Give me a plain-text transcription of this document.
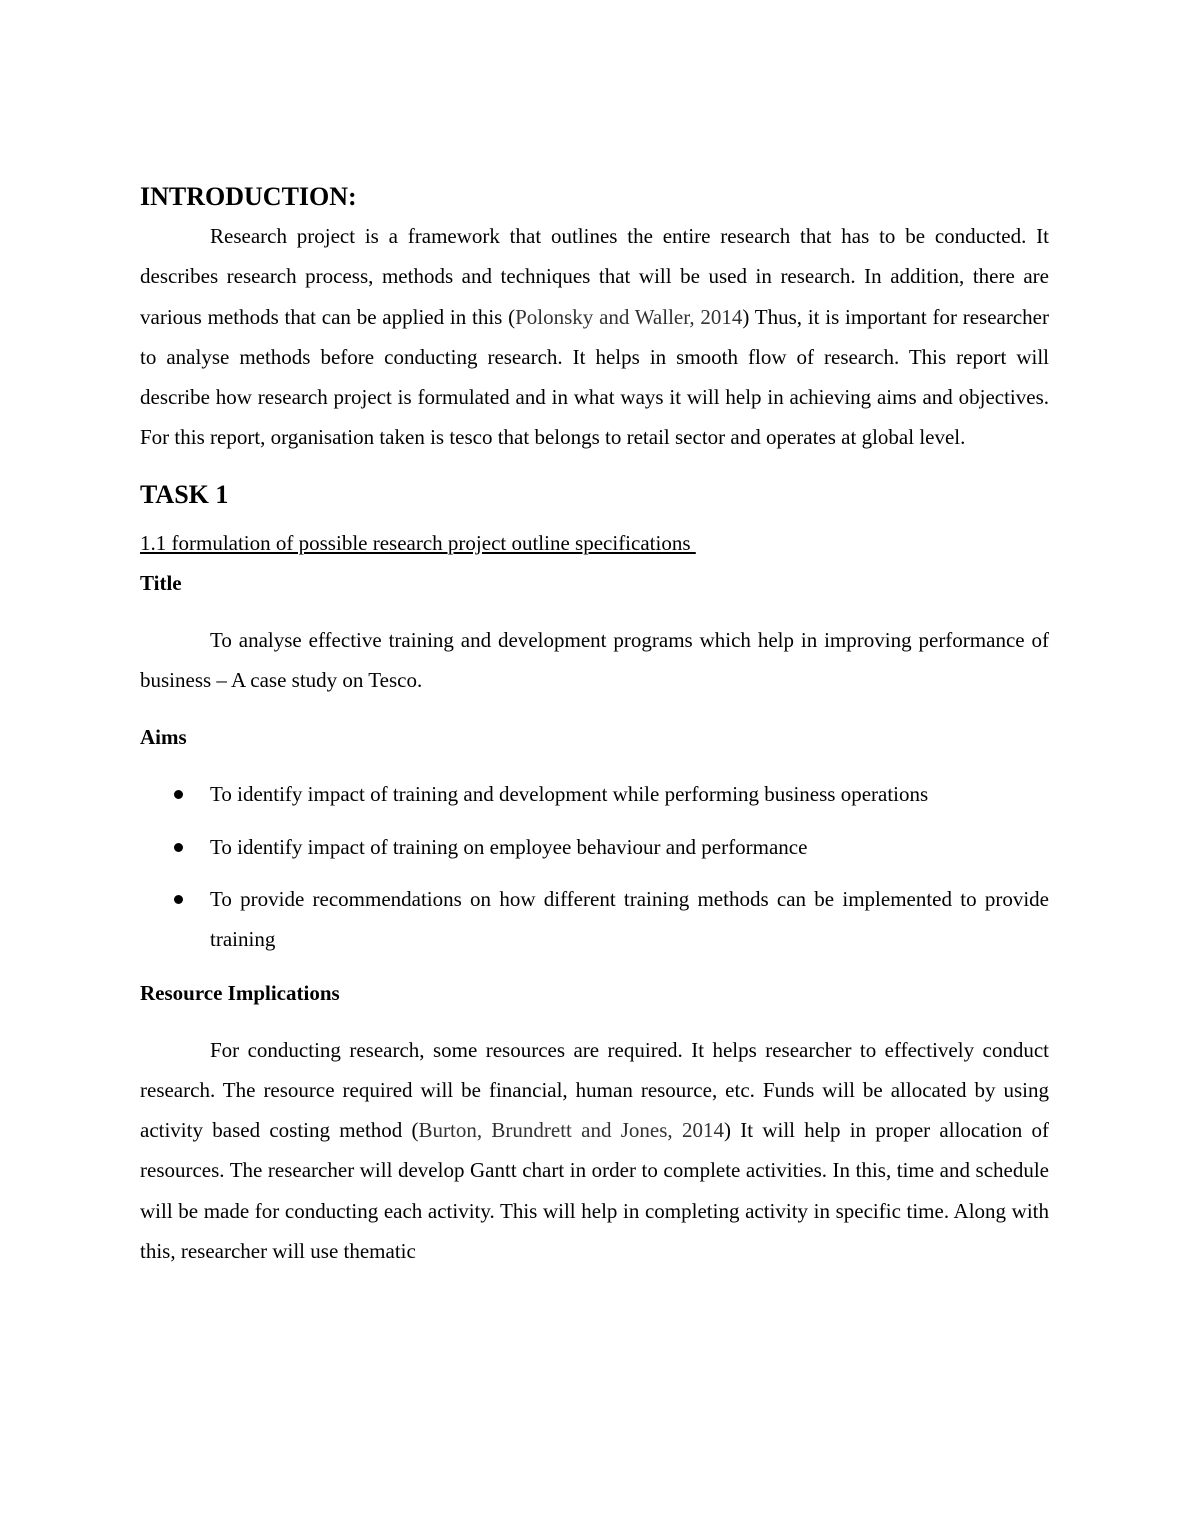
INTRODUCTION:

Research project is a framework that outlines the entire research that has to be conducted. It describes research process, methods and techniques that will be used in research. In addition, there are various methods that can be applied in this (Polonsky and Waller, 2014) Thus, it is important for researcher to analyse methods before conducting research. It helps in smooth flow of research. This report will describe how research project is formulated and in what ways it will help in achieving aims and objectives. For this report, organisation taken is tesco that belongs to retail sector and operates at global level.

TASK 1
1.1 formulation of possible research project outline specifications
Title

To analyse effective training and development programs which help in improving performance of business – A case study on Tesco.

Aims
To identify impact of training and development while performing business operations
To identify impact of training on employee behaviour and performance
To provide recommendations on how different training methods can be implemented to provide training
Resource Implications

For conducting research, some resources are required. It helps researcher to effectively conduct research. The resource required will be financial, human resource, etc. Funds will be allocated by using activity based costing method (Burton, Brundrett and Jones, 2014) It will help in proper allocation of resources. The researcher will develop Gantt chart in order to complete activities. In this, time and schedule will be made for conducting each activity. This will help in completing activity in specific time. Along with this, researcher will use thematic
